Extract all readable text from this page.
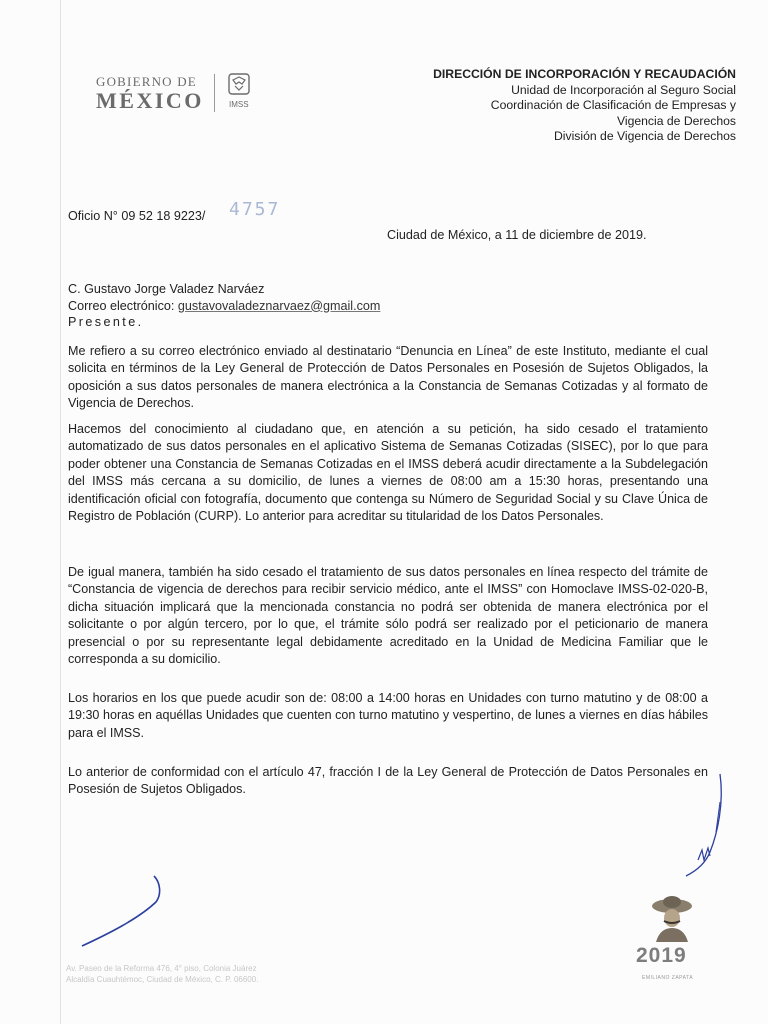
GOBIERNO DE
MÉXICO	IMSS
DIRECCIÓN DE INCORPORACIÓN Y RECAUDACIÓN
Unidad de Incorporación al Seguro Social
Coordinación de Clasificación de Empresas y
Vigencia de Derechos
División de Vigencia de Derechos
Oficio N° 09 52 18 9223/ 4757
Ciudad de México, a 11 de diciembre de 2019.
C. Gustavo Jorge Valadez Narváez
Correo electrónico: gustavovaladeznarvaez@gmail.com
Presente.
Me refiero a su correo electrónico enviado al destinatario “Denuncia en Línea” de este Instituto, mediante el cual solicita en términos de la Ley General de Protección de Datos Personales en Posesión de Sujetos Obligados, la oposición a sus datos personales de manera electrónica a la Constancia de Semanas Cotizadas y al formato de Vigencia de Derechos.
Hacemos del conocimiento al ciudadano que, en atención a su petición, ha sido cesado el tratamiento automatizado de sus datos personales en el aplicativo Sistema de Semanas Cotizadas (SISEC), por lo que para poder obtener una Constancia de Semanas Cotizadas en el IMSS deberá acudir directamente a la Subdelegación del IMSS más cercana a su domicilio, de lunes a viernes de 08:00 am a 15:30 horas, presentando una identificación oficial con fotografía, documento que contenga su Número de Seguridad Social y su Clave Única de Registro de Población (CURP). Lo anterior para acreditar su titularidad de los Datos Personales.
De igual manera, también ha sido cesado el tratamiento de sus datos personales en línea respecto del trámite de “Constancia de vigencia de derechos para recibir servicio médico, ante el IMSS” con Homoclave IMSS-02-020-B, dicha situación implicará que la mencionada constancia no podrá ser obtenida de manera electrónica por el solicitante o por algún tercero, por lo que, el trámite sólo podrá ser realizado por el peticionario de manera presencial o por su representante legal debidamente acreditado en la Unidad de Medicina Familiar que le corresponda a su domicilio.
Los horarios en los que puede acudir son de: 08:00 a 14:00 horas en Unidades con turno matutino y de 08:00 a 19:30 horas en aquéllas Unidades que cuenten con turno matutino y vespertino, de lunes a viernes en días hábiles para el IMSS.
Lo anterior de conformidad con el artículo 47, fracción I de la Ley General de Protección de Datos Personales en Posesión de Sujetos Obligados.
Av. Paseo de la Reforma 476, 4° piso, Colonia Juárez
Alcaldía Cuauhtémoc, Ciudad de México, C. P. 06600.
2019
EMILIANO ZAPATA
